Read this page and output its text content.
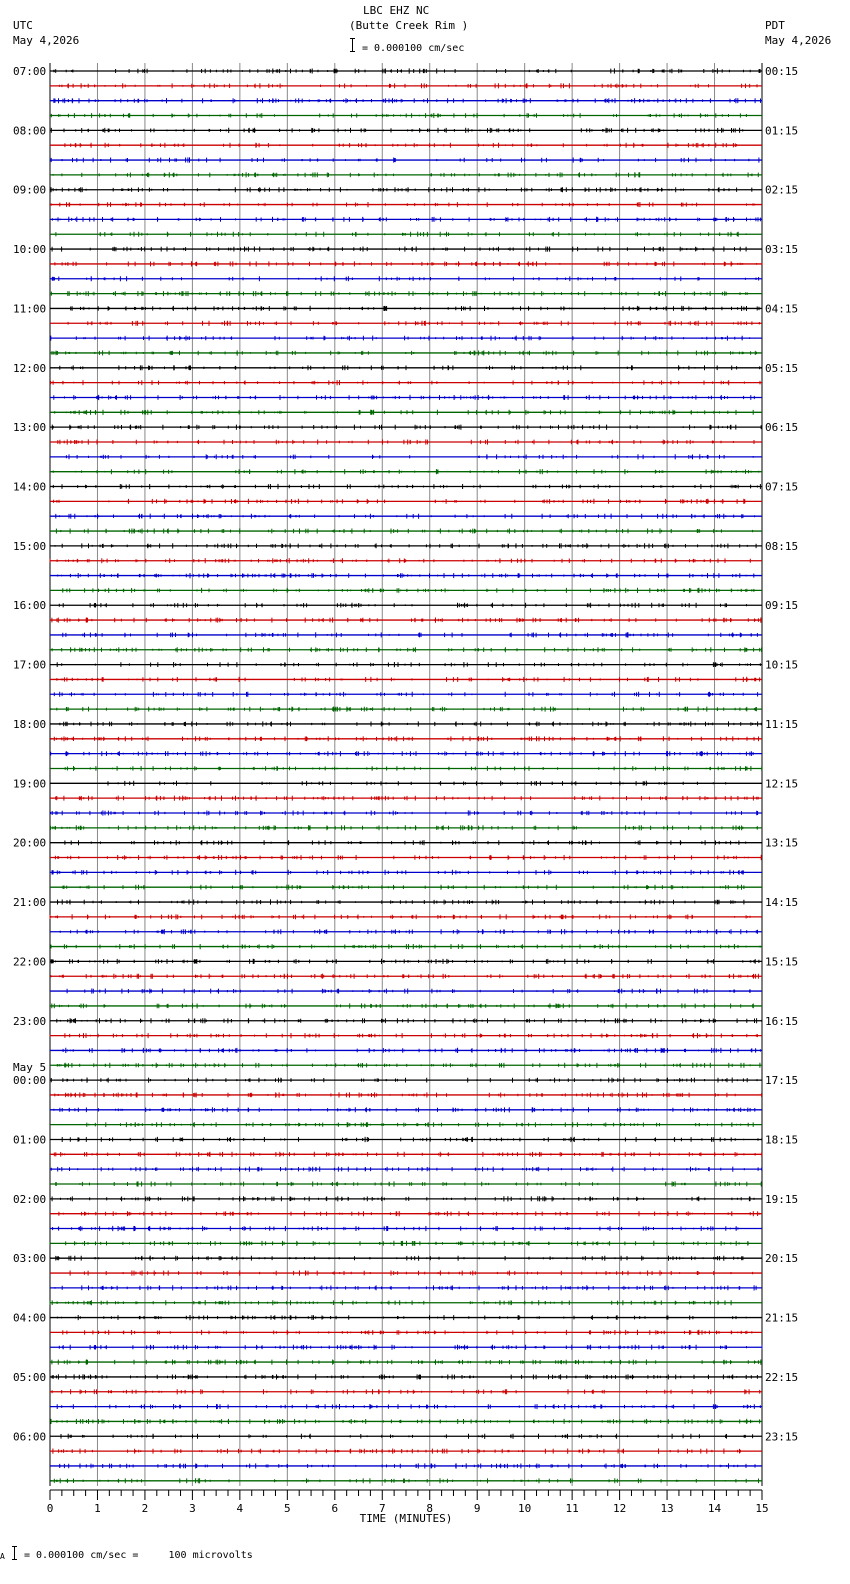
LBC EHZ NC
(Butte Creek Rim )
= 0.000100 cm/sec
UTC
May 4,2026
PDT
May 4,2026
0	1	2	3	4	5	6	7	8	9	10	11	12	13	14	15
TIME (MINUTES)
07:00
08:00
09:00
10:00
11:00
12:00
13:00
14:00
15:00
16:00
17:00
18:00
19:00
20:00
21:00
22:00
23:00
00:00
May 5
01:00
02:00
03:00
04:00
05:00
06:00
00:15
01:15
02:15
03:15
04:15
05:15
06:15
07:15
08:15
09:15
10:15
11:15
12:15
13:15
14:15
15:15
16:15
17:15
18:15
19:15
20:15
21:15
22:15
23:15
A = 0.000100 cm/sec =     100 microvolts
